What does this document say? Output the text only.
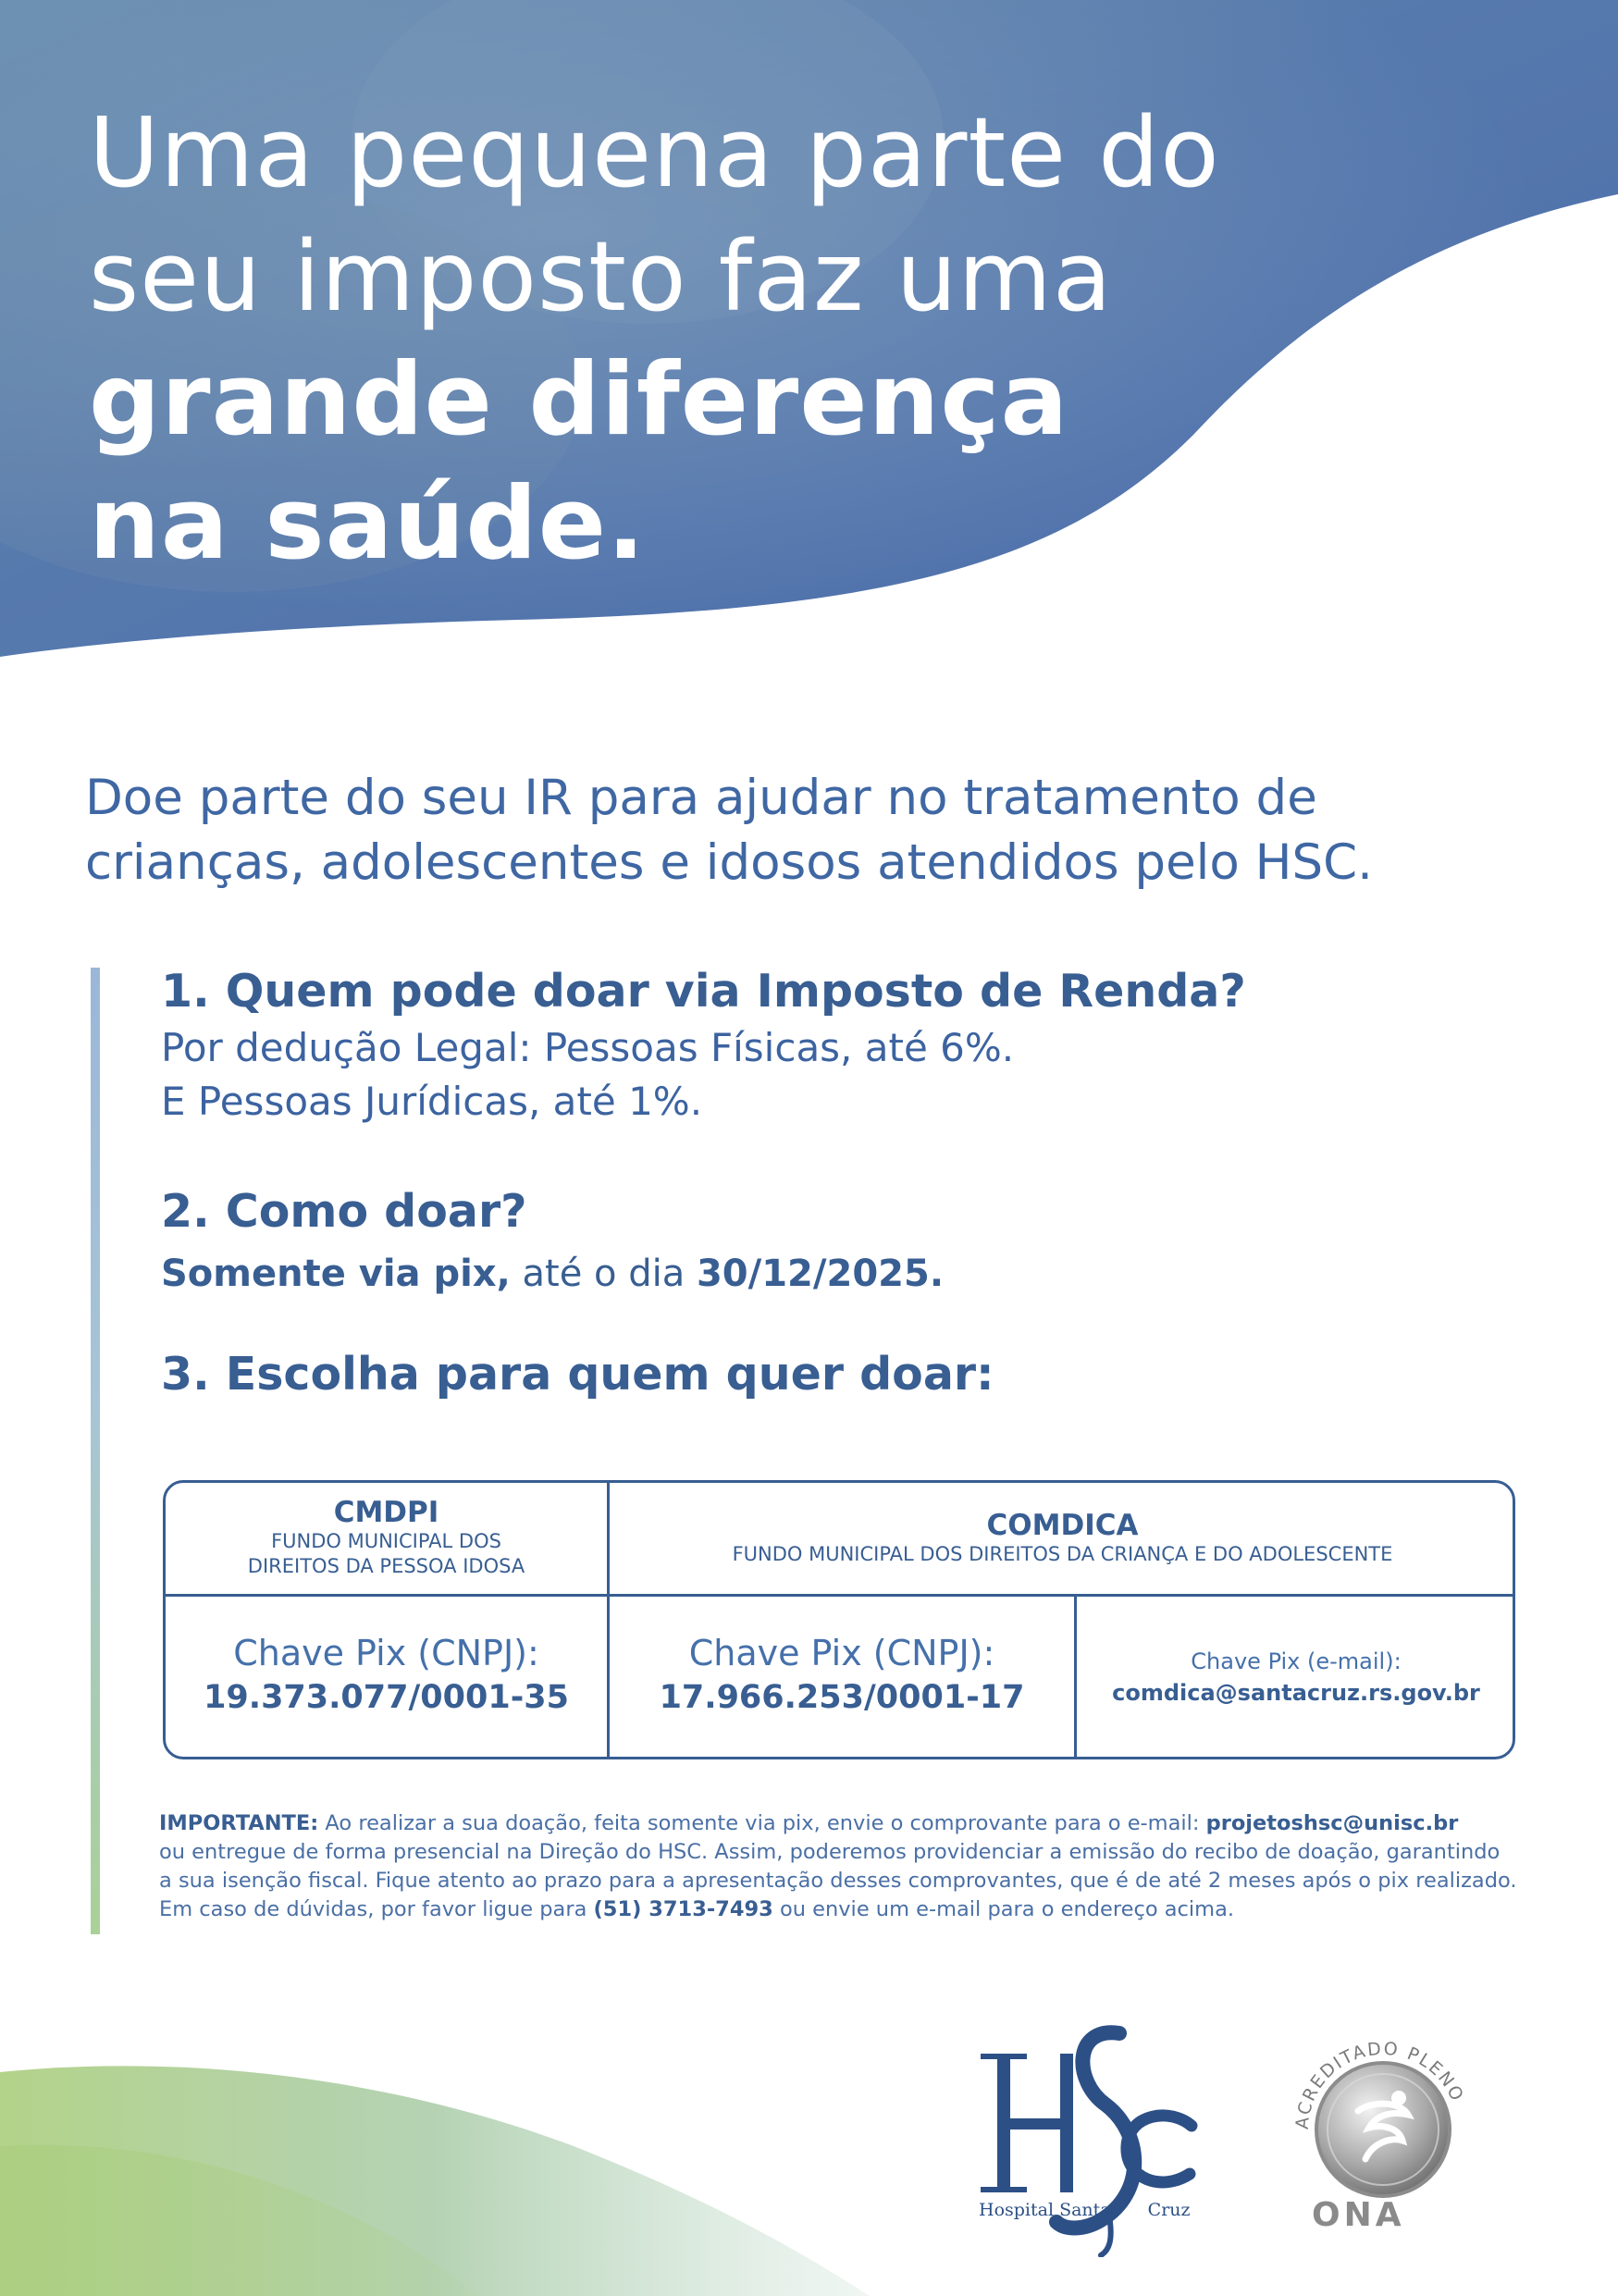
Uma pequena parte do
seu imposto faz uma
grande diferença
na saúde.
Doe parte do seu IR para ajudar no tratamento de
crianças, adolescentes e idosos atendidos pelo HSC.
1. Quem pode doar via Imposto de Renda?

Por dedução Legal: Pessoas Físicas, até 6%.

E Pessoas Jurídicas, até 1%.

2. Como doar?

Somente via pix, até o dia 30/12/2025.

3. Escolha para quem quer doar:
CMDPI
FUNDO MUNICIPAL DOS
DIREITOS DA PESSOA IDOSA
COMDICA
FUNDO MUNICIPAL DOS DIREITOS DA CRIANÇA E DO ADOLESCENTE
Chave Pix (CNPJ):
19.373.077/0001-35
Chave Pix (CNPJ):
17.966.253/0001-17
Chave Pix (e-mail):
comdica@santacruz.rs.gov.br
IMPORTANTE: Ao realizar a sua doação, feita somente via pix, envie o comprovante para o e-mail: projetoshsc@unisc.br
ou entregue de forma presencial na Direção do HSC. Assim, poderemos providenciar a emissão do recibo de doação, garantindo
a sua isenção fiscal. Fique atento ao prazo para a apresentação desses comprovantes, que é de até 2 meses após o pix realizado.
Em caso de dúvidas, por favor ligue para (51) 3713-7493 ou envie um e-mail para o endereço acima.
Hospital Santa Cruz
ACREDITADO PLENO
ONA
